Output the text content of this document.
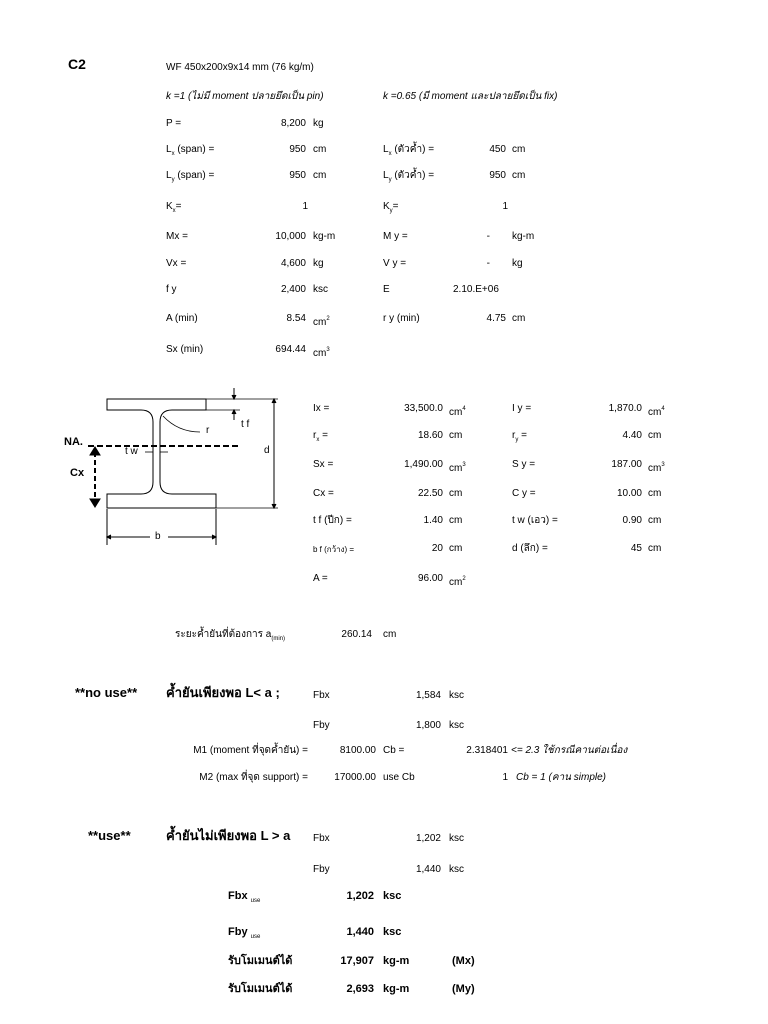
C2	WF 450x200x9x14 mm (76 kg/m)
k =1 (ไม่มี moment ปลายยึดเป็น pin)	k =0.65 (มี moment และปลายยึดเป็น fix)
P =	8,200 kg
$L_x$ (span) =	950 cm	$L_x$ (ตัวค้ำ) =	450 cm
$L_y$ (span) =	950 cm	$L_y$ (ตัวค้ำ) =	950 cm
$K_x=$	1	$K_y=$	1
Mx =	10,000 kg-m	M y =	- kg-m
Vx =	4,600 kg	V y =	- kg
f y	2,400 ksc	E	2.10.E+06
A (min)	8.54 $cm^2$	r y (min)	4.75 cm
Sx (min)	694.44 $cm^3$
r
t f
d
t w
b
NA.
Cx
Ix =	33,500.0 $cm^4$	I y =	1,870.0 $cm^4$
$r_x$ =	18.60 cm	$r_y$ =	4.40 cm
Sx =	1,490.00 $cm^3$	S y =	187.00 $cm^3$
Cx =	22.50 cm	C y =	10.00 cm
t f (ปีก) =	1.40 cm	t w (เอว) =	0.90 cm
b f (กว้าง) =	20 cm	d (ลึก) =	45 cm
A =	96.00 $cm^2$
ระยะค้ำยันที่ต้องการ $a_{(min)}$	260.14 cm
**no use** ค้ำยันเพียงพอ L< a ;	Fbx	1,584 ksc
Fby	1,800 ksc
M1 (moment ที่จุดค้ำยัน) =	8100.00 Cb =	2.318401 <= 2.3 ใช้กรณีคานต่อเนื่อง
M2 (max ที่จุด support) =	17000.00 use Cb	1 Cb = 1 (คาน simple)
**use**	ค้ำยันไม่เพียงพอ L > a Fbx	1,202 ksc
Fby	1,440 ksc
Fbx $_{use}$	1,202 ksc
Fby $_{use}$	1,440 ksc
รับโมเมนต์ได้	17,907 kg-m	(Mx)
รับโมเมนต์ได้	2,693 kg-m	(My)
